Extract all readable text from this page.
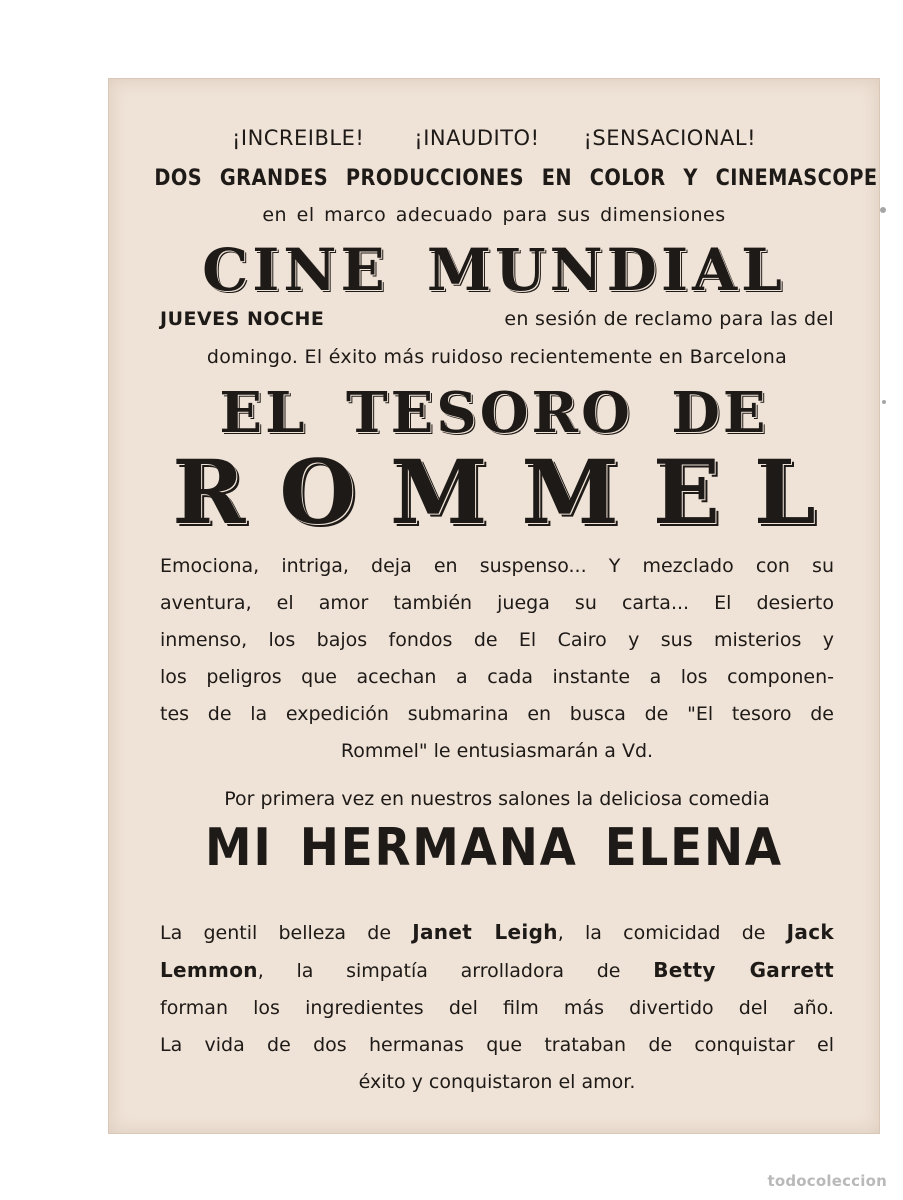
¡INCREIBLE! ¡INAUDITO! ¡SENSACIONAL!
DOS GRANDES PRODUCCIONES EN COLOR Y CINEMASCOPE
en el marco adecuado para sus dimensiones
CINE MUNDIAL
JUEVES NOCHE	en sesión de reclamo para las del
domingo. El éxito más ruidoso recientemente en Barcelona
EL TESORO DE
ROMMEL
Emociona, intriga, deja en suspenso... Y mezclado con su
aventura, el amor también juega su carta... El desierto
inmenso, los bajos fondos de El Cairo y sus misterios y
los peligros que acechan a cada instante a los componen-
tes de la expedición submarina en busca de "El tesoro de
Rommel" le entusiasmarán a Vd.
Por primera vez en nuestros salones la deliciosa comedia
MI HERMANA ELENA
La gentil belleza de Janet Leigh, la comicidad de Jack
Lemmon, la simpatía arrolladora de Betty Garrett
forman los ingredientes del film más divertido del año.
La vida de dos hermanas que trataban de conquistar el
éxito y conquistaron el amor.
todocoleccion
